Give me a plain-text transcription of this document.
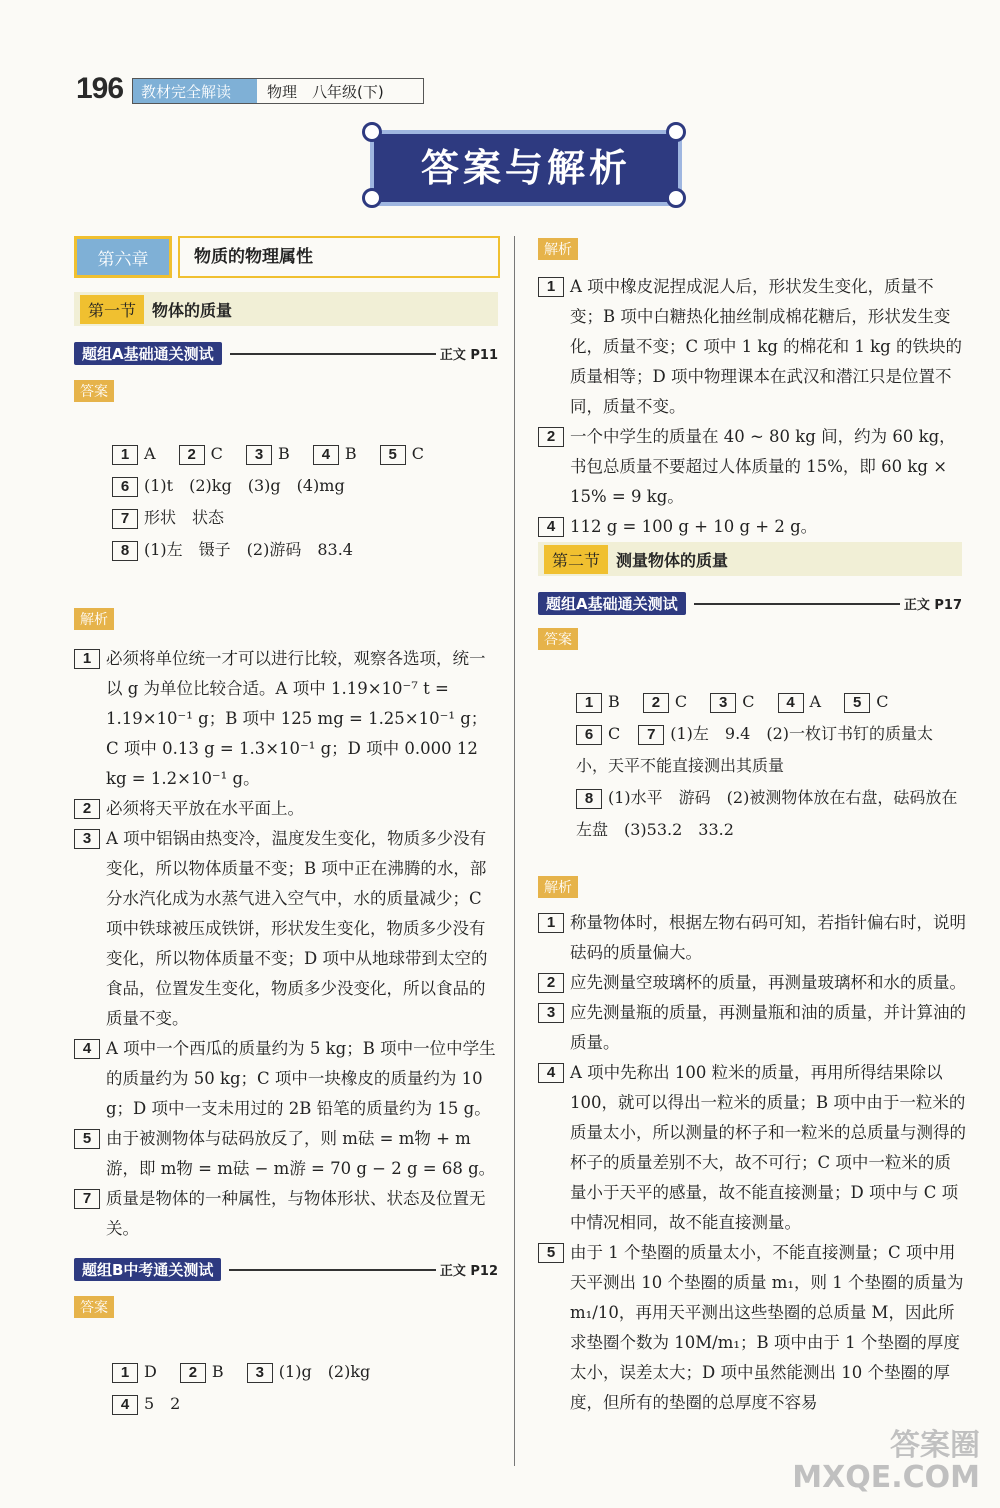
196	教材完全解读	物理　八年级(下)
答案与解析
第六章	物质的物理属性
第一节	物体的质量
题组A基础通关测试	正文 P11
答案
1 A 2 C 3 B 4 B 5 C
6 (1)t　(2)kg　(3)g　(4)mg
7 形状　状态
8 (1)左　镊子　(2)游码　83.4
解析
1 必须将单位统一才可以进行比较，观察各选项，统一以 g 为单位比较合适。A 项中 1.19×10⁻⁷ t = 1.19×10⁻¹ g；B 项中 125 mg = 1.25×10⁻¹ g；C 项中 0.13 g = 1.3×10⁻¹ g；D 项中 0.000 12 kg = 1.2×10⁻¹ g。

2 必须将天平放在水平面上。

3 A 项中铝锅由热变冷，温度发生变化，物质多少没有变化，所以物体质量不变；B 项中正在沸腾的水，部分水汽化成为水蒸气进入空气中，水的质量减少；C 项中铁球被压成铁饼，形状发生变化，物质多少没有变化，所以物体质量不变；D 项中从地球带到太空的食品，位置发生变化，物质多少没变化，所以食品的质量不变。

4 A 项中一个西瓜的质量约为 5 kg；B 项中一位中学生的质量约为 50 kg；C 项中一块橡皮的质量约为 10 g；D 项中一支未用过的 2B 铅笔的质量约为 15 g。

5 由于被测物体与砝码放反了，则 m砝 = m物 + m游，即 m物 = m砝 − m游 = 70 g − 2 g = 68 g。

7 质量是物体的一种属性，与物体形状、状态及位置无关。

题组B中考通关测试	正文 P12
答案
1 D 2 B 3 (1)g　(2)kg
4 5　2
解析
1 A 项中橡皮泥捏成泥人后，形状发生变化，质量不变；B 项中白糖热化抽丝制成棉花糖后，形状发生变化，质量不变；C 项中 1 kg 的棉花和 1 kg 的铁块的质量相等；D 项中物理课本在武汉和潜江只是位置不同，质量不变。

2 一个中学生的质量在 40 ~ 80 kg 间，约为 60 kg，书包总质量不要超过人体质量的 15%，即 60 kg × 15% = 9 kg。

4 112 g = 100 g + 10 g + 2 g。

第二节	测量物体的质量
题组A基础通关测试	正文 P17
答案
1 B 2 C 3 C 4 A 5 C
6 C 7 (1)左　9.4　(2)一枚订书钉的质量太小，天平不能直接测出其质量
8 (1)水平　游码　(2)被测物体放在右盘，砝码放在左盘　(3)53.2　33.2
解析
1 称量物体时，根据左物右码可知，若指针偏右时，说明砝码的质量偏大。

2 应先测量空玻璃杯的质量，再测量玻璃杯和水的质量。

3 应先测量瓶的质量，再测量瓶和油的质量，并计算油的质量。

4 A 项中先称出 100 粒米的质量，再用所得结果除以 100，就可以得出一粒米的质量；B 项中由于一粒米的质量太小，所以测量的杯子和一粒米的总质量与测得的杯子的质量差别不大，故不可行；C 项中一粒米的质量小于天平的感量，故不能直接测量；D 项中与 C 项中情况相同，故不能直接测量。

5 由于 1 个垫圈的质量太小，不能直接测量；C 项中用天平测出 10 个垫圈的质量 m₁，则 1 个垫圈的质量为 m₁/10，再用天平测出这些垫圈的总质量 M，因此所求垫圈个数为 10M/m₁；B 项中由于 1 个垫圈的厚度太小，误差太大；D 项中虽然能测出 10 个垫圈的厚度，但所有的垫圈的总厚度不容易

答案圈
MXQE.COM
